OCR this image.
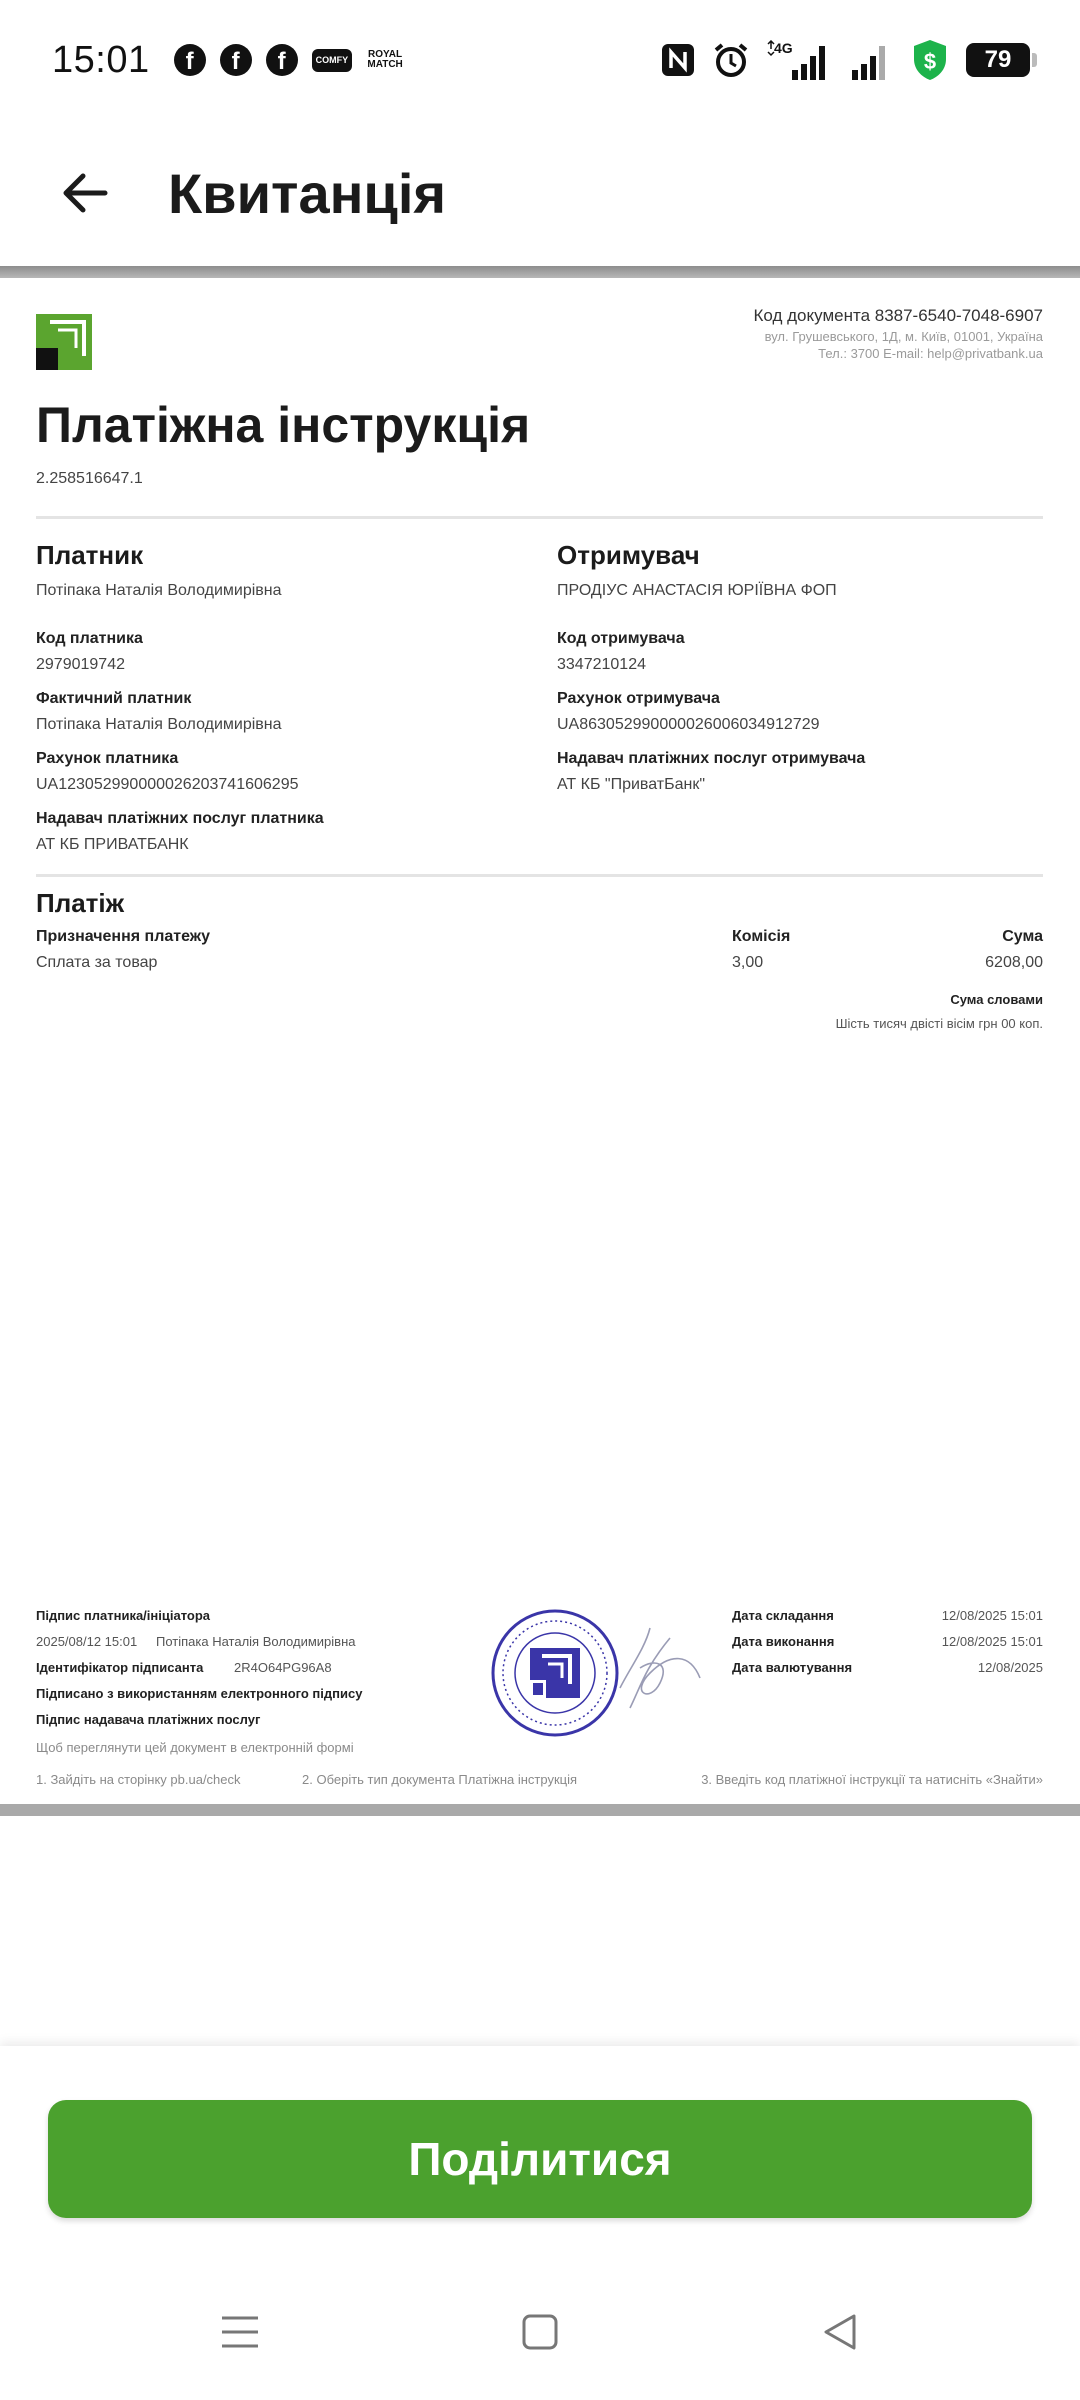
15:01	f	f	f	COMFY	ROYAL MATCH
4G
$	79
Квитанція
Код документа 8387-6540-7048-6907
вул. Грушевського, 1Д, м. Київ, 01001, Україна
Тел.: 3700 E-mail: help@privatbank.ua
Платіжна інструкція
2.258516647.1
Платник
Потіпака Наталія Володимирівна
Код платника
2979019742
Фактичний платник
Потіпака Наталія Володимирівна
Рахунок платника
UA123052990000026203741606295
Надавач платіжних послуг платника
АТ КБ ПРИВАТБАНК
Отримувач
ПРОДІУС АНАСТАСІЯ ЮРІЇВНА ФОП
Код отримувача
3347210124
Рахунок отримувача
UA863052990000026006034912729
Надавач платіжних послуг отримувача
АТ КБ "ПриватБанк"
Платіж
Призначення платежу
Сплата за товар
Комісія
3,00
Сума
6208,00
Сума словами
Шість тисяч двісті вісім грн 00 коп.
Підпис платника/ініціатора
2025/08/12 15:01 Потіпака Наталія Володимирівна
Ідентифікатор підписанта 2R4O64PG96A8
Підписано з використанням електронного підпису
Підпис надавача платіжних послуг
Щоб переглянути цей документ в електронній формі
1. Зайдіть на сторінку pb.ua/check	2. Оберіть тип документа Платіжна інструкція	3. Введіть код платіжної інструкції та натисніть «Знайти»
Дата складання	12/08/2025 15:01
Дата виконання	12/08/2025 15:01
Дата валютування	12/08/2025
Поділитися
